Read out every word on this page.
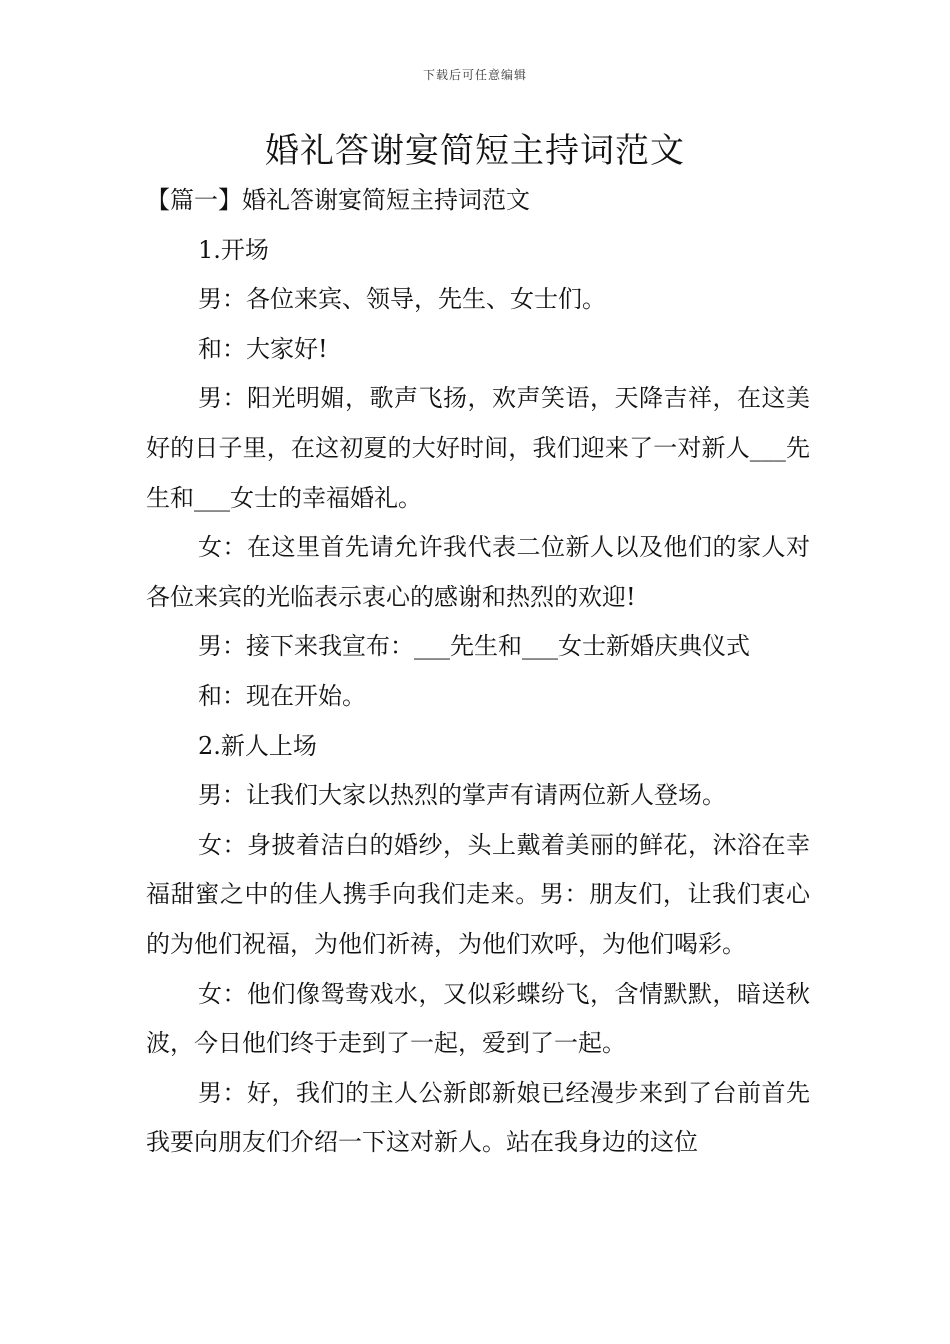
下载后可任意编辑
婚礼答谢宴简短主持词范文

【篇一】婚礼答谢宴简短主持词范文

1.开场

男：各位来宾、领导，先生、女士们。

和：大家好!

男：阳光明媚，歌声飞扬，欢声笑语，天降吉祥，在这美好的日子里，在这初夏的大好时间，我们迎来了一对新人___先生和___女士的幸福婚礼。

女：在这里首先请允许我代表二位新人以及他们的家人对各位来宾的光临表示衷心的感谢和热烈的欢迎!

男：接下来我宣布：___先生和___女士新婚庆典仪式

和：现在开始。

2.新人上场

男：让我们大家以热烈的掌声有请两位新人登场。

女：身披着洁白的婚纱，头上戴着美丽的鲜花，沐浴在幸福甜蜜之中的佳人携手向我们走来。男：朋友们，让我们衷心的为他们祝福，为他们祈祷，为他们欢呼，为他们喝彩。

女：他们像鸳鸯戏水，又似彩蝶纷飞，含情默默，暗送秋波，今日他们终于走到了一起，爱到了一起。

男：好，我们的主人公新郎新娘已经漫步来到了台前首先我要向朋友们介绍一下这对新人。站在我身边的这位
